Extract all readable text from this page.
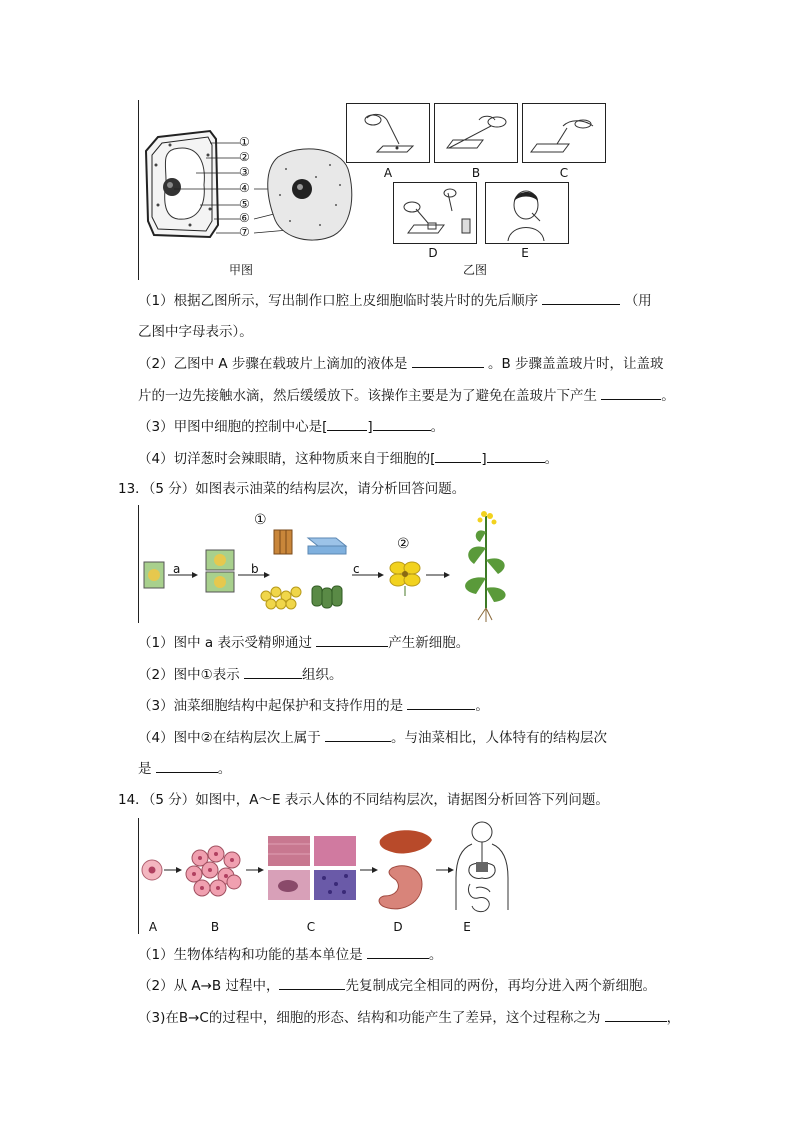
①
②
③
④
⑤
⑥
⑦
甲图
A	B	C
D	E
乙图
（1）根据乙图所示，写出制作口腔上皮细胞临时装片时的先后顺序	（用
乙图中字母表示）。
（2）乙图中 A 步骤在载玻片上滴加的液体是	。B 步骤盖盖玻片时，让盖玻
片的一边先接触水滴，然后缓缓放下。该操作主要是为了避免在盖玻片下产生	。
（3）甲图中细胞的控制中心是[	]	。
（4）切洋葱时会辣眼睛，这种物质来自于细胞的[	]	。
13．（5 分）如图表示油菜的结构层次，请分析回答问题。
a	b	c
①
②
（1）图中 a 表示受精卵通过	产生新细胞。
（2）图中①表示	组织。
（3）油菜细胞结构中起保护和支持作用的是	。
（4）图中②在结构层次上属于	。与油菜相比，人体特有的结构层次
是	。
14．（5 分）如图中，A～E 表示人体的不同结构层次，请据图分析回答下列问题。
A	B	C	D	E
（1）生物体结构和功能的基本单位是	。
（2）从 A→B 过程中，	先复制成完全相同的两份，再均分进入两个新细胞。
（3)在B→C的过程中，细胞的形态、结构和功能产生了差异，这个过程称之为	，
